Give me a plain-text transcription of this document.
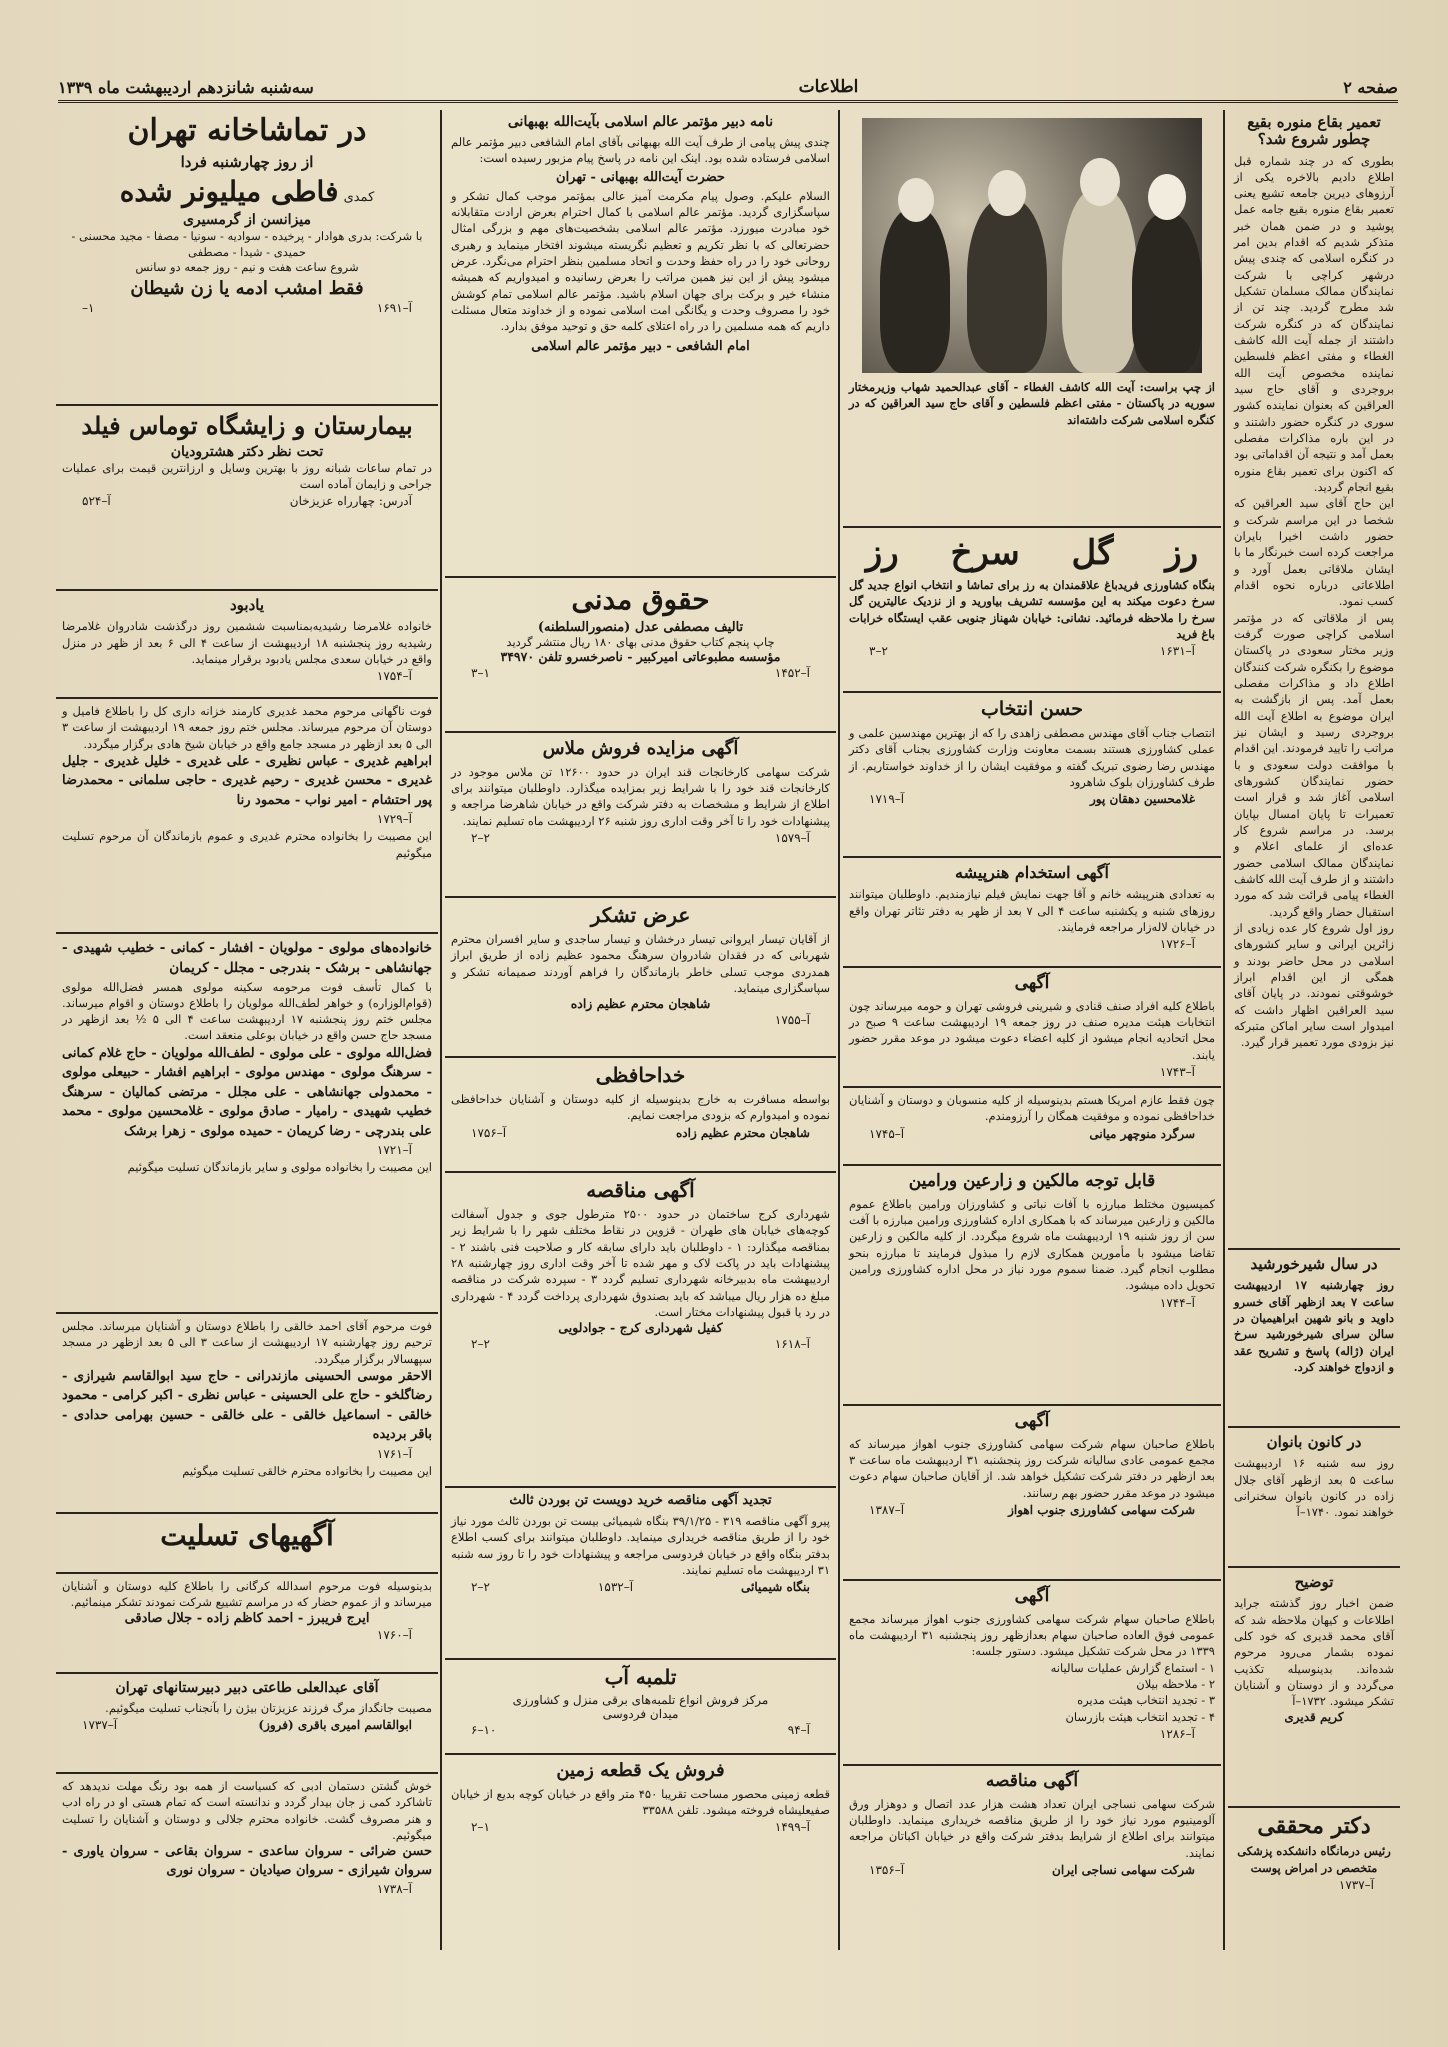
صفحه ۲
اطلاعات
سه‌شنبه شانزدهم اردیبهشت ماه ۱۳۳۹
تعمیر بقاع منوره بقیع چطور شروع شد؟

بطوری که در چند شماره قبل اطلاع دادیم بالاخره یکی از آرزوهای دیرین جامعه تشیع یعنی تعمیر بقاع منوره بقیع جامه عمل پوشید و در ضمن همان خبر متذکر شدیم که اقدام بدین امر در کنگره اسلامی که چندی پیش درشهر کراچی با شرکت نمایندگان ممالک مسلمان تشکیل شد مطرح گردید. چند تن از نمایندگان که در کنگره شرکت داشتند از جمله آیت الله کاشف الغطاء و مفتی اعظم فلسطین نماینده مخصوص آیت الله بروجردی و آقای حاج سید العراقین که بعنوان نماینده کشور سوری در کنگره حضور داشتند و در این باره مذاکرات مفصلی بعمل آمد و نتیجه آن اقداماتی بود که اکنون برای تعمیر بقاع منوره بقیع انجام گردید.

این حاج آقای سید العراقین که شخصا در این مراسم شرکت و حضور داشت اخیرا بایران مراجعت کرده است خبرنگار ما با ایشان ملاقاتی بعمل آورد و اطلاعاتی درباره نحوه اقدام کسب نمود.

پس از ملاقاتی که در مؤتمر اسلامی کراچی صورت گرفت وزیر مختار سعودی در پاکستان موضوع را بکنگره شرکت کنندگان اطلاع داد و مذاکرات مفصلی بعمل آمد. پس از بازگشت به ایران موضوع به اطلاع آیت الله بروجردی رسید و ایشان نیز مراتب را تایید فرمودند. این اقدام با موافقت دولت سعودی و با حضور نمایندگان کشورهای اسلامی آغاز شد و قرار است تعمیرات تا پایان امسال بپایان برسد. در مراسم شروع کار عده‌ای از علمای اعلام و نمایندگان ممالک اسلامی حضور داشتند و از طرف آیت الله کاشف الغطاء پیامی قرائت شد که مورد استقبال حضار واقع گردید.

روز اول شروع کار عده زیادی از زائرین ایرانی و سایر کشورهای اسلامی در محل حاضر بودند و همگی از این اقدام ابراز خوشوقتی نمودند. در پایان آقای سید العراقین اظهار داشت که امیدوار است سایر اماکن متبرکه نیز بزودی مورد تعمیر قرار گیرد.

در سال شیرخورشید

روز چهارشنبه ۱۷ اردیبهشت ساعت ۷ بعد ازظهر آقای خسرو داوید و بانو شهین ابراهیمیان در سالن سرای شیرخورشید سرخ ایران (ژاله) پاسخ و تشریح عقد و ازدواج خواهند کرد.

در کانون بانوان

روز سه شنبه ۱۶ اردیبهشت ساعت ۵ بعد ازظهر آقای جلال زاده در کانون بانوان سخنرانی خواهند نمود. ۱۷۴۰–آ

توضیح

ضمن اخبار روز گذشته جراید اطلاعات و کیهان ملاحظه شد که آقای محمد قدیری که خود کلی نموده بشمار می‌رود مرحوم شده‌اند. بدینوسیله تکذیب می‌گردد و از دوستان و آشنایان تشکر میشود. ۱۷۳۲–آ

کریم قدیری
دکتر محققی

رئیس درمانگاه دانشکده پزشکی متخصص در امراض پوست

آ–۱۷۳۷

از چپ براست: آیت الله کاشف الغطاء - آقای عبدالحمید شهاب وزیرمختار سوریه در پاکستان - مفتی اعظم فلسطین و آقای حاج سید العراقین که در کنگره اسلامی شرکت داشته‌اند

رز گل سرخ رز

بنگاه کشاورزی فریدباغ علاقمندان به رز برای تماشا و انتخاب انواع جدید گل سرخ دعوت میکند به این مؤسسه تشریف بیاورید و از نزدیک عالیترین گل سرخ را ملاحظه فرمائید. نشانی: خیابان شهناز جنوبی عقب ایستگاه خرابات باغ فرید

آ–۱۶۳۱
۲–۳
حسن انتخاب

انتصاب جناب آقای مهندس مصطفی زاهدی را که از بهترین مهندسین علمی و عملی کشاورزی هستند بسمت معاونت وزارت کشاورزی بجناب آقای دکتر مهندس رضا رضوی تبریک گفته و موفقیت ایشان را از خداوند خواستاریم. از طرف کشاورزان بلوک شاهرود

غلامحسین دهقان پور
آ–۱۷۱۹
آگهی استخدام هنرپیشه

به تعدادی هنرپیشه خانم و آقا جهت نمایش فیلم نیازمندیم. داوطلبان میتوانند روزهای شنبه و یکشنبه ساعت ۴ الی ۷ بعد از ظهر به دفتر تئاتر تهران واقع در خیابان لاله‌زار مراجعه فرمایند.

آ–۱۷۲۶
آگهی

باطلاع کلیه افراد صنف قنادی و شیرینی فروشی تهران و حومه میرساند چون انتخابات هیئت مدیره صنف در روز جمعه ۱۹ اردیبهشت ساعت ۹ صبح در محل اتحادیه انجام میشود از کلیه اعضاء دعوت میشود در موعد مقرر حضور یابند.

آ–۱۷۴۳

چون فقط عازم امریکا هستم بدینوسیله از کلیه منسوبان و دوستان و آشنایان خداحافظی نموده و موفقیت همگان را آرزومندم.

سرگرد منوچهر میانی
آ–۱۷۴۵
قابل توجه مالکین و زارعین ورامین

کمیسیون مختلط مبارزه با آفات نباتی و کشاورزان ورامین باطلاع عموم مالکین و زارعین میرساند که با همکاری اداره کشاورزی ورامین مبارزه با آفت سن از روز شنبه ۱۹ اردیبهشت ماه شروع میگردد. از کلیه مالکین و زارعین تقاضا میشود با مأمورین همکاری لازم را مبذول فرمایند تا مبارزه بنحو مطلوب انجام گیرد. ضمنا سموم مورد نیاز در محل اداره کشاورزی ورامین تحویل داده میشود.

آ–۱۷۴۴
آگهی

باطلاع صاحبان سهام شرکت سهامی کشاورزی جنوب اهواز میرساند که مجمع عمومی عادی سالیانه شرکت روز پنجشنبه ۳۱ اردیبهشت ماه ساعت ۳ بعد ازظهر در دفتر شرکت تشکیل خواهد شد. از آقایان صاحبان سهام دعوت میشود در موعد مقرر حضور بهم رسانند.

شرکت سهامی کشاورزی جنوب اهواز
آ–۱۳۸۷
آگهی

باطلاع صاحبان سهام شرکت سهامی کشاورزی جنوب اهواز میرساند مجمع عمومی فوق العاده صاحبان سهام بعدازظهر روز پنجشنبه ۳۱ اردیبهشت ماه ۱۳۳۹ در محل شرکت تشکیل میشود. دستور جلسه:

۱ - استماع گزارش عملیات سالیانه
۲ - ملاحظه بیلان
۳ - تجدید انتخاب هیئت مدیره
۴ - تجدید انتخاب هیئت بازرسان
آ–۱۲۸۶
آگهی مناقصه

شرکت سهامی نساجی ایران تعداد هشت هزار عدد اتصال و دوهزار ورق آلومینیوم مورد نیاز خود را از طریق مناقصه خریداری مینماید. داوطلبان میتوانند برای اطلاع از شرایط بدفتر شرکت واقع در خیابان اکباتان مراجعه نمایند.

شرکت سهامی نساجی ایران
آ–۱۳۵۶
نامه دبیر مؤتمر عالم اسلامی بآیت‌الله بهبهانی

چندی پیش پیامی از طرف آیت الله بهبهانی بآقای امام الشافعی دبیر مؤتمر عالم اسلامی فرستاده شده بود. اینک این نامه در پاسخ پیام مزبور رسیده است:

حضرت آیت‌الله بهبهانی - تهران

السلام علیکم. وصول پیام مکرمت آمیز عالی بمؤتمر موجب کمال تشکر و سپاسگزاری گردید. مؤتمر عالم اسلامی با کمال احترام بعرض ارادت متقابلانه خود مبادرت میورزد. مؤتمر عالم اسلامی بشخصیت‌های مهم و بزرگی امثال حضرتعالی که با نظر تکریم و تعظیم نگریسته میشوند افتخار مینماید و رهبری روحانی خود را در راه حفظ وحدت و اتحاد مسلمین بنظر احترام می‌نگرد. عرض میشود پیش از این نیز همین مراتب را بعرض رسانیده و امیدواریم که همیشه منشاء خیر و برکت برای جهان اسلام باشید. مؤتمر عالم اسلامی تمام کوشش خود را مصروف وحدت و یگانگی امت اسلامی نموده و از خداوند متعال مسئلت داریم که همه مسلمین را در راه اعتلای کلمه حق و توحید موفق بدارد.

امام الشافعی - دبیر مؤتمر عالم اسلامی
حقوق مدنی
تالیف مصطفی عدل (منصورالسلطنه)
چاپ پنجم کتاب حقوق مدنی بهای ۱۸۰ ریال منتشر گردید
مؤسسه مطبوعاتی امیرکبیر - ناصرخسرو تلفن ۳۴۹۷۰
آ–۱۴۵۲
۱–۳
آگهی مزایده فروش ملاس

شرکت سهامی کارخانجات قند ایران در حدود ۱۲۶۰۰ تن ملاس موجود در کارخانجات قند خود را با شرایط زیر بمزایده میگذارد. داوطلبان میتوانند برای اطلاع از شرایط و مشخصات به دفتر شرکت واقع در خیابان شاهرضا مراجعه و پیشنهادات خود را تا آخر وقت اداری روز شنبه ۲۶ اردیبهشت ماه تسلیم نمایند.

آ–۱۵۷۹
۲–۲
عرض تشکر

از آقایان تیسار ایروانی تیسار درخشان و تیسار ساجدی و سایر افسران محترم شهربانی که در فقدان شادروان سرهنگ محمود عظیم زاده از طریق ابراز همدردی موجب تسلی خاطر بازماندگان را فراهم آوردند صمیمانه تشکر و سپاسگزاری مینماید.

شاهجان محترم عظیم زاده
آ–۱۷۵۵
خداحافظی

بواسطه مسافرت به خارج بدینوسیله از کلیه دوستان و آشنایان خداحافظی نموده و امیدوارم که بزودی مراجعت نمایم.

شاهجان محترم عظیم زاده
آ–۱۷۵۶
آگهی مناقصه

شهرداری کرج ساختمان در حدود ۲۵۰۰ مترطول جوی و جدول آسفالت کوچه‌های خیابان های طهران - قزوین در نقاط مختلف شهر را با شرایط زیر بمناقصه میگذارد: ۱ - داوطلبان باید دارای سابقه کار و صلاحیت فنی باشند ۲ - پیشنهادات باید در پاکت لاک و مهر شده تا آخر وقت اداری روز چهارشنبه ۲۸ اردیبهشت ماه بدبیرخانه شهرداری تسلیم گردد ۳ - سپرده شرکت در مناقصه مبلغ ده هزار ریال میباشد که باید بصندوق شهرداری پرداخت گردد ۴ - شهرداری در رد یا قبول پیشنهادات مختار است.

کفیل شهرداری کرج - جوادلویی
آ–۱۶۱۸
۲–۲
تجدید آگهی مناقصه خرید دویست تن بوردن ثالث

پیرو آگهی مناقصه ۳۱۹ - ۳۹/۱/۲۵ بنگاه شیمیائی بیست تن بوردن ثالث مورد نیاز خود را از طریق مناقصه خریداری مینماید. داوطلبان میتوانند برای کسب اطلاع بدفتر بنگاه واقع در خیابان فردوسی مراجعه و پیشنهادات خود را تا روز سه شنبه ۳۱ اردیبهشت ماه تسلیم نمایند.

بنگاه شیمیائی
آ–۱۵۳۲
۲–۲
تلمبه آب
مرکز فروش انواع تلمبه‌های برقی منزل و کشاورزی
میدان فردوسی
آ–۹۴
۱۰–۶
فروش یک قطعه زمین

قطعه زمینی محصور مساحت تقریبا ۴۵۰ متر واقع در خیابان کوچه بدیع از خیابان صفیعلیشاه فروخته میشود. تلفن ۳۳۵۸۸

آ–۱۴۹۹
۱–۲
در تماشاخانه تهران
از روز چهارشنبه فردا
کمدی فاطی میلیونر شده
میزانسن از گرمسیری

با شرکت: بدری هوادار - پرخیده - سوادیه - سونیا - مصفا - مجید محسنی - حمیدی - شیدا - مصطفی

شروع ساعت هفت و نیم - روز جمعه دو سانس
فقط امشب ادمه یا زن شیطان
آ–۱۶۹۱
۱–
بیمارستان و زایشگاه توماس فیلد
تحت نظر دکتر هشترودیان

در تمام ساعات شبانه روز با بهترین وسایل و ارزانترین قیمت برای عملیات جراحی و زایمان آماده است

آدرس: چهارراه عزیزخان
آ–۵۲۴
یادبود

خانواده غلامرضا رشیدیه‌بمناسبت ششمین روز درگذشت شادروان غلامرضا رشیدیه روز پنجشنبه ۱۸ اردیبهشت از ساعت ۴ الی ۶ بعد از ظهر در منزل واقع در خیابان سعدی مجلس یادبود برقرار مینماید.

آ–۱۷۵۴

فوت ناگهانی مرحوم محمد غدیری کارمند خزانه داری کل را باطلاع فامیل و دوستان آن مرحوم میرساند. مجلس ختم روز جمعه ۱۹ اردیبهشت از ساعت ۳ الی ۵ بعد ازظهر در مسجد جامع واقع در خیابان شیخ هادی برگزار میگردد.

ابراهیم غدیری - عباس نظیری - علی غدیری - خلیل غدیری - جلیل غدیری - محسن غدیری - رحیم غدیری - حاجی سلمانی - محمدرضا پور احتشام - امیر نواب - محمود رنا

آ–۱۷۲۹

این مصیبت را بخانواده محترم غدیری و عموم بازماندگان آن مرحوم تسلیت میگوئیم

خانواده‌های مولوی - مولویان - افشار - کمانی - خطیب شهیدی - جهانشاهی - برشک - بندرجی - مجلل - کریمان

با کمال تأسف فوت مرحومه سکینه مولوی همسر فضل‌الله مولوی (قوام‌الوزاره) و خواهر لطف‌الله مولویان را باطلاع دوستان و اقوام میرساند. مجلس ختم روز پنجشنبه ۱۷ اردیبهشت ساعت ۴ الی ۵ ½ بعد ازظهر در مسجد حاج حسن واقع در خیابان بوعلی منعقد است.

فضل‌الله مولوی - علی مولوی - لطف‌الله مولویان - حاج غلام کمانی - سرهنگ مولوی - مهندس مولوی - ابراهیم افشار - حبیعلی مولوی - محمدولی جهانشاهی - علی مجلل - مرتضی کمالیان - سرهنگ خطیب شهیدی - رامیار - صادق مولوی - غلامحسین مولوی - محمد علی بندرچی - رضا کریمان - حمیده مولوی - زهرا برشک

آ–۱۷۲۱

این مصیبت را بخانواده مولوی و سایر بازماندگان تسلیت میگوئیم

فوت مرحوم آقای احمد خالقی را باطلاع دوستان و آشنایان میرساند. مجلس ترحیم روز چهارشنبه ۱۷ اردیبهشت از ساعت ۳ الی ۵ بعد ازظهر در مسجد سپهسالار برگزار میگردد.

الاحقر موسی الحسینی مازندرانی - حاج سید ابوالقاسم شیرازی - رضاگلخو - حاج علی الحسینی - عباس نظری - اکبر کرامی - محمود خالقی - اسماعیل خالقی - علی خالقی - حسین بهرامی حدادی - باقر بردیده

آ–۱۷۶۱

این مصیبت را بخانواده محترم خالقی تسلیت میگوئیم

آگهیهای تسلیت

بدینوسیله فوت مرحوم اسدالله کرگانی را باطلاع کلیه دوستان و آشنایان میرساند و از عموم حضار که در مراسم تشییع شرکت نمودند تشکر مینمائیم.

ایرج فریبرز - احمد کاظم زاده - جلال صادقی
آ–۱۷۶۰
آقای عبدالعلی طاعتی دبیر دبیرستانهای تهران

مصیبت جانگداز مرگ فرزند عزیزتان بیژن را بآنجناب تسلیت میگوئیم.

ابوالقاسم امیری باقری (فروز)
آ–۱۷۳۷

خوش گشتن دستمان ادبی که کسیاست از همه بود رنگ مهلت ندیدهد که تاشاکرد کمی ز جان بیدار گردد و ندانسته است که تمام هستی او در راه ادب و هنر مصروف گشت. خانواده محترم جلالی و دوستان و آشنایان را تسلیت میگوئیم.

حسن ضرائی - سروان ساعدی - سروان بقاعی - سروان یاوری - سروان شیرازی - سروان صیادیان - سروان نوری

آ–۱۷۳۸
